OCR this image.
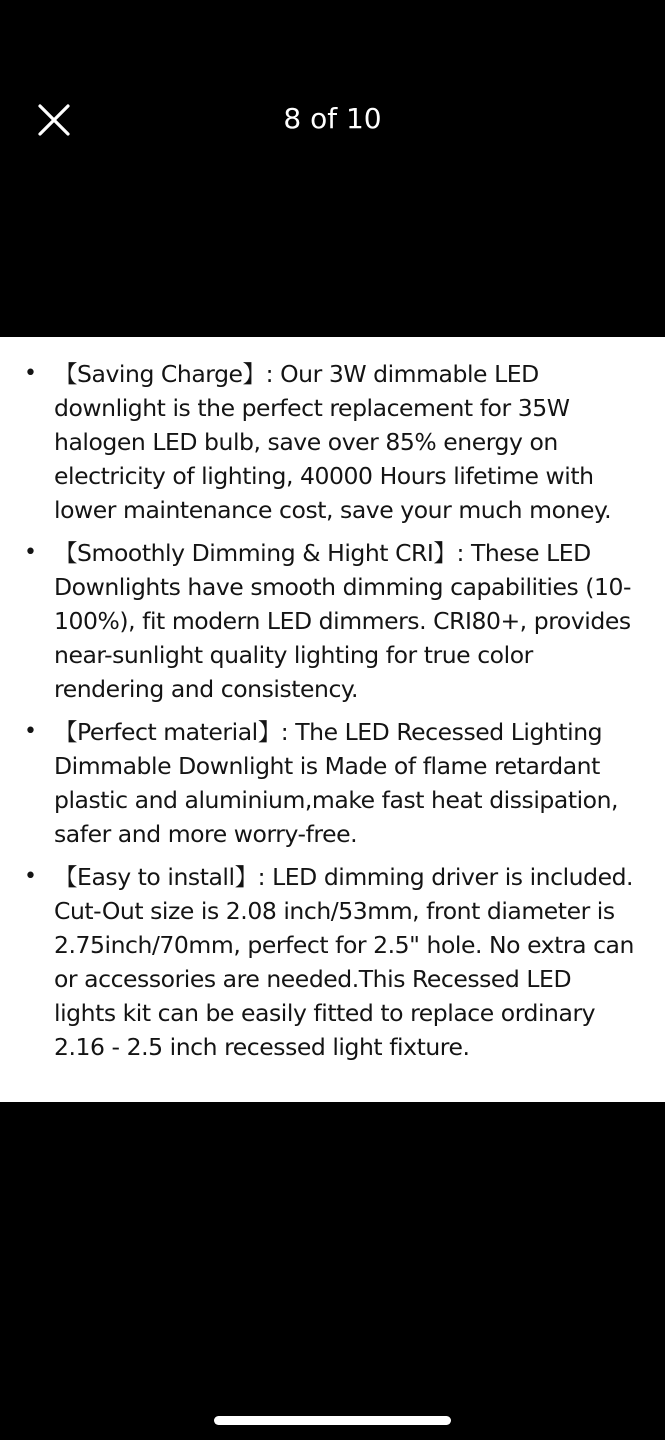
8 of 10
• 【Saving Charge】: Our 3W dimmable LED downlight is the perfect replacement for 35W halogen LED bulb, save over 85% energy on electricity of lighting, 40000 Hours lifetime with lower maintenance cost, save your much money.
• 【Smoothly Dimming & Hight CRI】: These LED Downlights have smooth dimming capabilities (10-100%), fit modern LED dimmers. CRI80+, provides near-sunlight quality lighting for true color rendering and consistency.
• 【Perfect material】: The LED Recessed Lighting Dimmable Downlight is Made of flame retardant plastic and aluminium,make fast heat dissipation, safer and more worry-free.
• 【Easy to install】: LED dimming driver is included. Cut-Out size is 2.08 inch/53mm, front diameter is 2.75inch/70mm, perfect for 2.5" hole. No extra can or accessories are needed.This Recessed LED lights kit can be easily fitted to replace ordinary 2.16 - 2.5 inch recessed light fixture.
